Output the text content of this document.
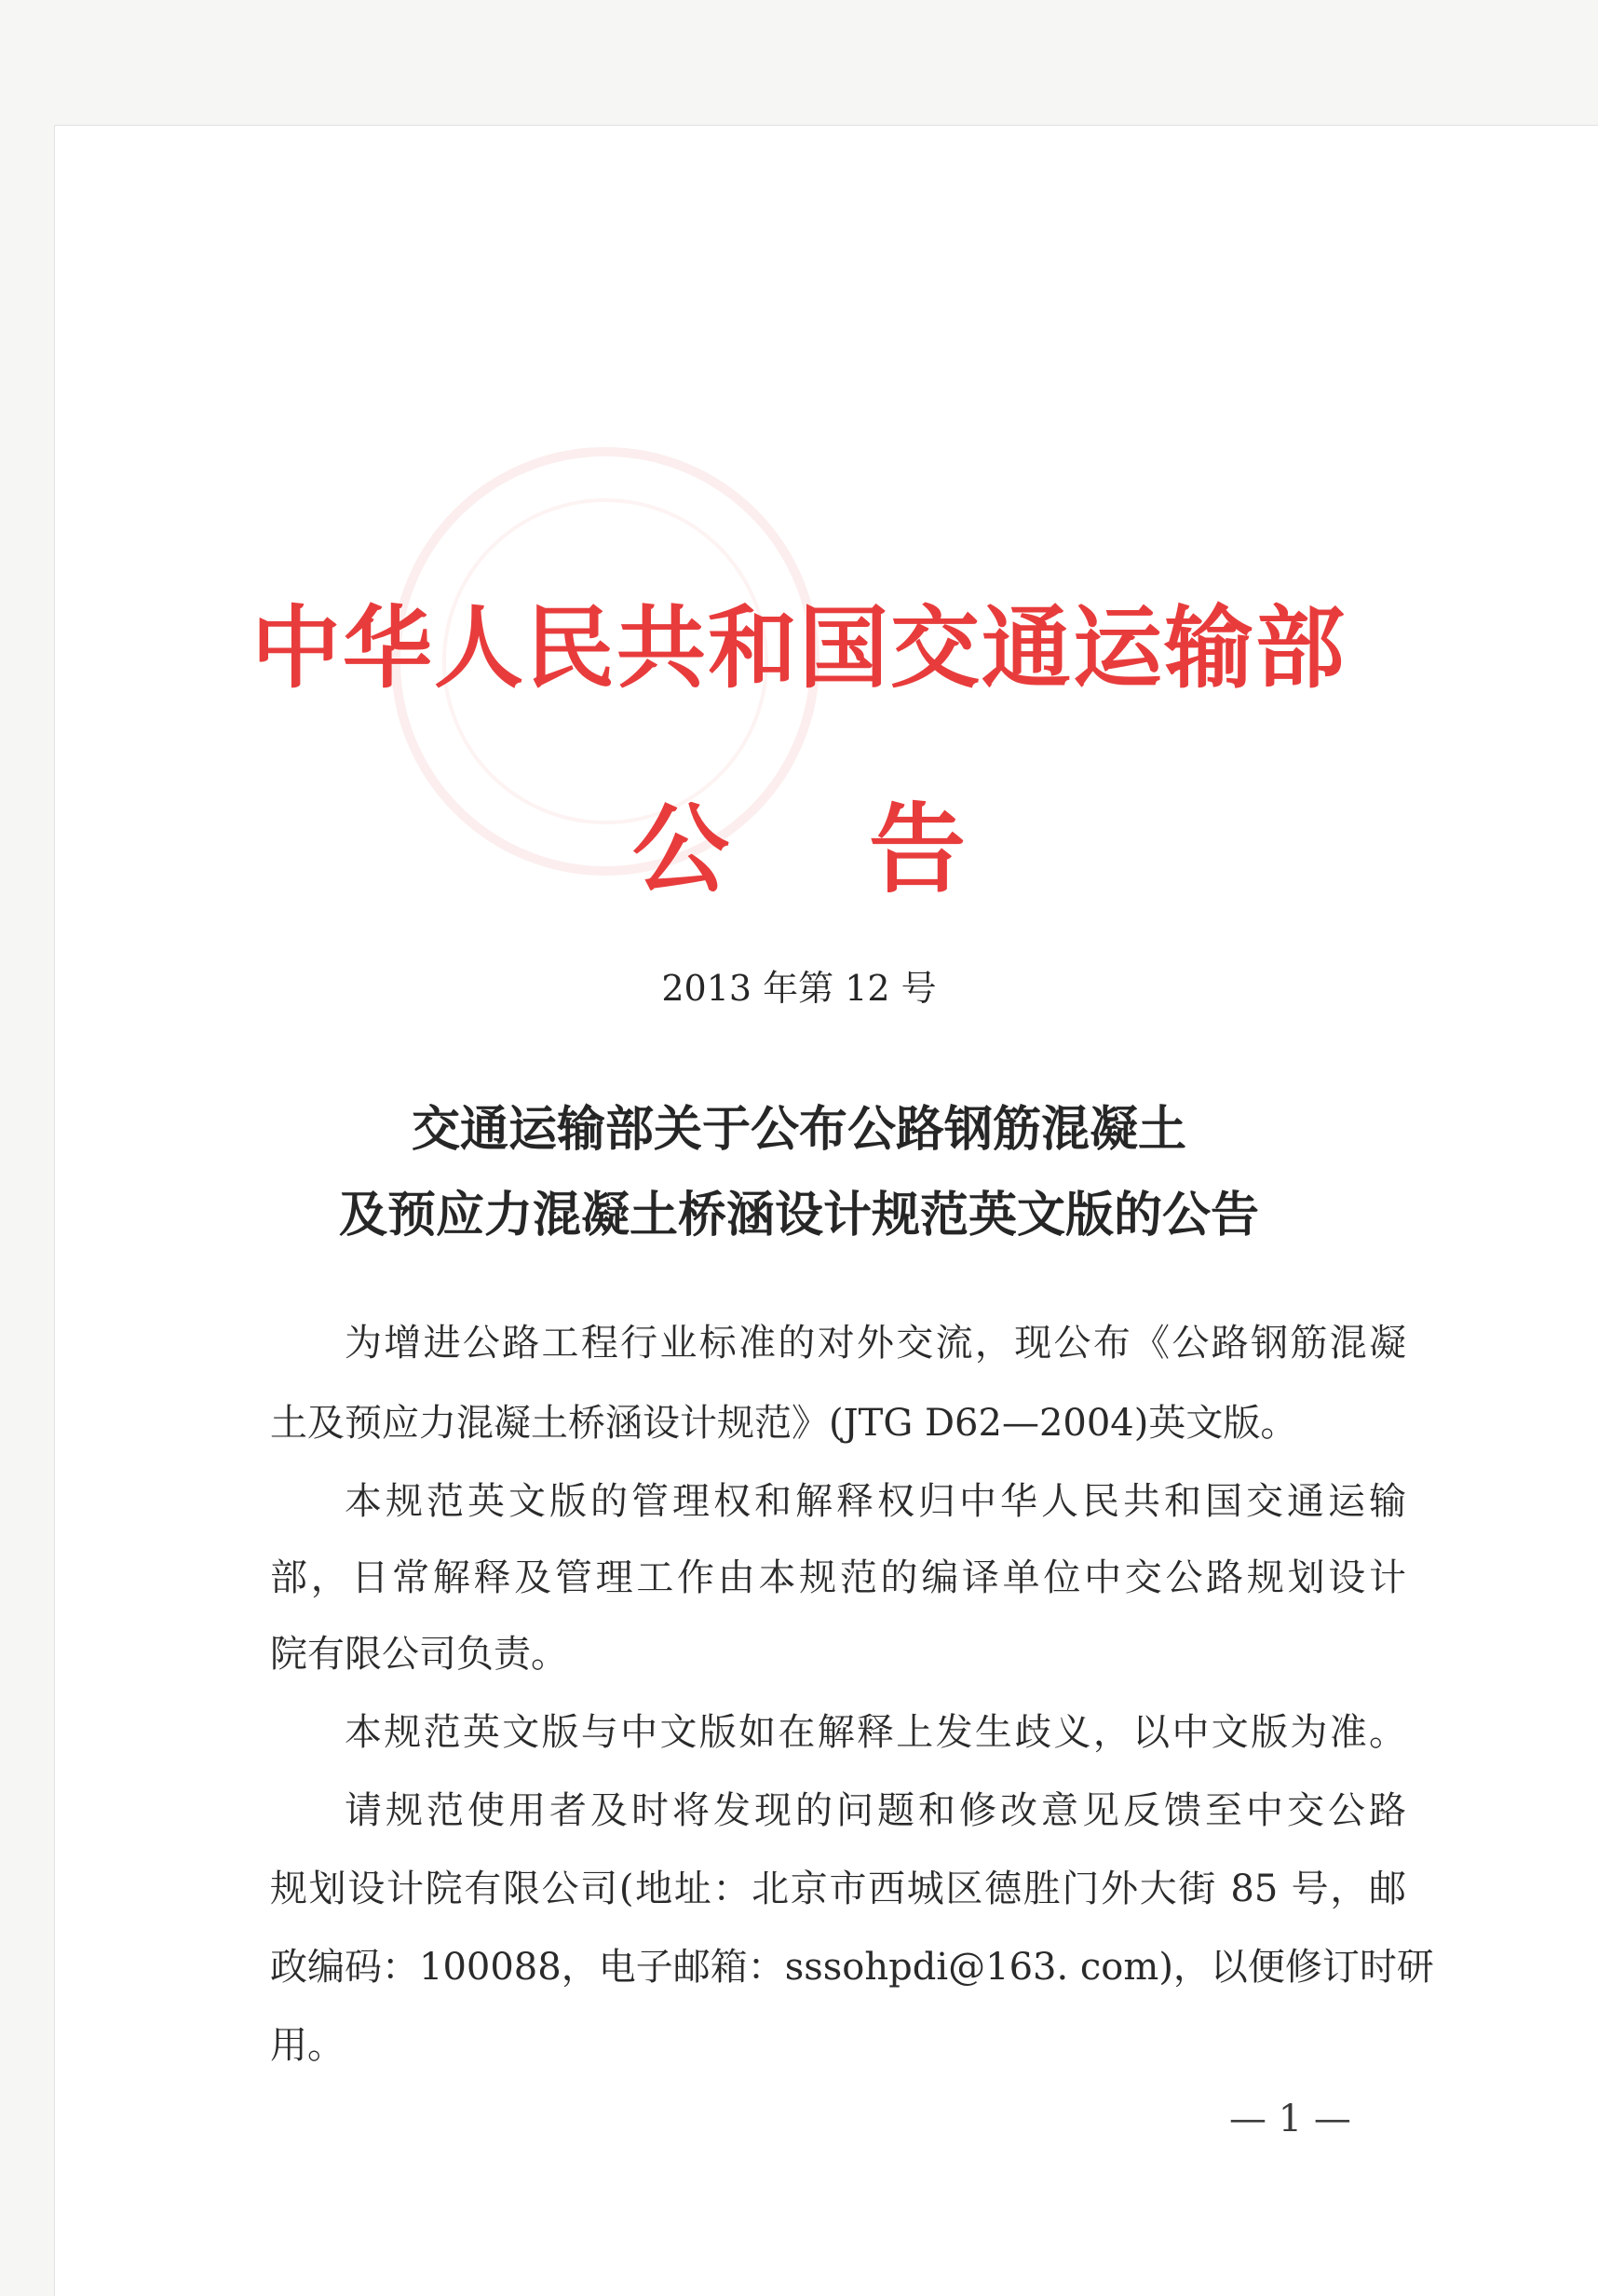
中华人民共和国交通运输部
公告
2013 年第 12 号
交通运输部关于公布公路钢筋混凝土
及预应力混凝土桥涵设计规范英文版的公告
为增进公路工程行业标准的对外交流，现公布《公路钢筋混凝
土及预应力混凝土桥涵设计规范》(JTG D62—2004)英文版。
本规范英文版的管理权和解释权归中华人民共和国交通运输
部，日常解释及管理工作由本规范的编译单位中交公路规划设计
院有限公司负责。
本规范英文版与中文版如在解释上发生歧义，以中文版为准。
请规范使用者及时将发现的问题和修改意见反馈至中交公路
规划设计院有限公司(地址：北京市西城区德胜门外大街 85 号，邮
政编码：100088，电子邮箱：sssohpdi@163. com)，以便修订时研
用。
— 1 —
